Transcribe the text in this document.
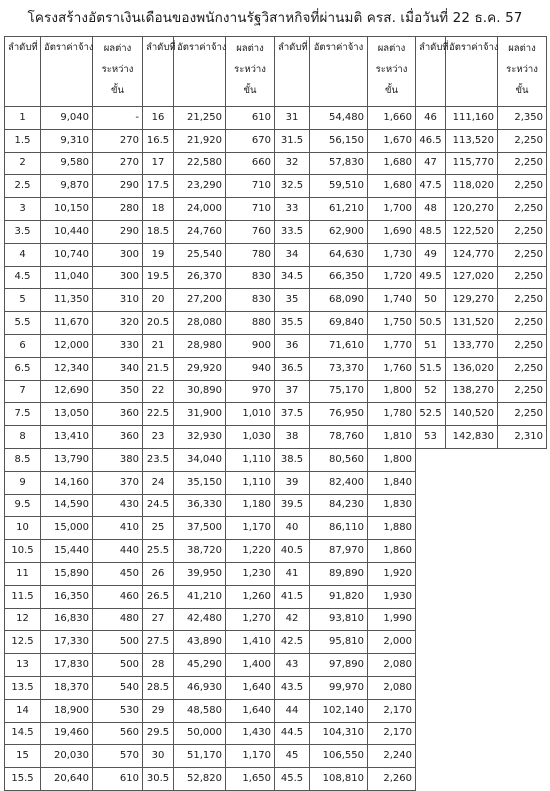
โครงสร้างอัตราเงินเดือนของพนักงานรัฐวิสาหกิจที่ผ่านมติ ครส. เมื่อวันที่ 22 ธ.ค. 57
ลำดับที่	อัตราค่าจ้าง	ผลต่าง
ระหว่าง
ขั้น	ลำดับที่	อัตราค่าจ้าง	ผลต่าง
ระหว่าง
ขั้น	ลำดับที่	อัตราค่าจ้าง	ผลต่าง
ระหว่าง
ขั้น	ลำดับที่	อัตราค่าจ้าง	ผลต่าง
ระหว่าง
ขั้น

1	9,040	-	16	21,250	610	31	54,480	1,660	46	111,160	2,350
1.5	9,310	270	16.5	21,920	670	31.5	56,150	1,670	46.5	113,520	2,250
2	9,580	270	17	22,580	660	32	57,830	1,680	47	115,770	2,250
2.5	9,870	290	17.5	23,290	710	32.5	59,510	1,680	47.5	118,020	2,250
3	10,150	280	18	24,000	710	33	61,210	1,700	48	120,270	2,250
3.5	10,440	290	18.5	24,760	760	33.5	62,900	1,690	48.5	122,520	2,250
4	10,740	300	19	25,540	780	34	64,630	1,730	49	124,770	2,250
4.5	11,040	300	19.5	26,370	830	34.5	66,350	1,720	49.5	127,020	2,250
5	11,350	310	20	27,200	830	35	68,090	1,740	50	129,270	2,250
5.5	11,670	320	20.5	28,080	880	35.5	69,840	1,750	50.5	131,520	2,250
6	12,000	330	21	28,980	900	36	71,610	1,770	51	133,770	2,250
6.5	12,340	340	21.5	29,920	940	36.5	73,370	1,760	51.5	136,020	2,250
7	12,690	350	22	30,890	970	37	75,170	1,800	52	138,270	2,250
7.5	13,050	360	22.5	31,900	1,010	37.5	76,950	1,780	52.5	140,520	2,250
8	13,410	360	23	32,930	1,030	38	78,760	1,810	53	142,830	2,310
8.5	13,790	380	23.5	34,040	1,110	38.5	80,560	1,800			
9	14,160	370	24	35,150	1,110	39	82,400	1,840			
9.5	14,590	430	24.5	36,330	1,180	39.5	84,230	1,830			
10	15,000	410	25	37,500	1,170	40	86,110	1,880			
10.5	15,440	440	25.5	38,720	1,220	40.5	87,970	1,860			
11	15,890	450	26	39,950	1,230	41	89,890	1,920			
11.5	16,350	460	26.5	41,210	1,260	41.5	91,820	1,930			
12	16,830	480	27	42,480	1,270	42	93,810	1,990			
12.5	17,330	500	27.5	43,890	1,410	42.5	95,810	2,000			
13	17,830	500	28	45,290	1,400	43	97,890	2,080			
13.5	18,370	540	28.5	46,930	1,640	43.5	99,970	2,080			
14	18,900	530	29	48,580	1,640	44	102,140	2,170			
14.5	19,460	560	29.5	50,000	1,430	44.5	104,310	2,170			
15	20,030	570	30	51,170	1,170	45	106,550	2,240			
15.5	20,640	610	30.5	52,820	1,650	45.5	108,810	2,260			
